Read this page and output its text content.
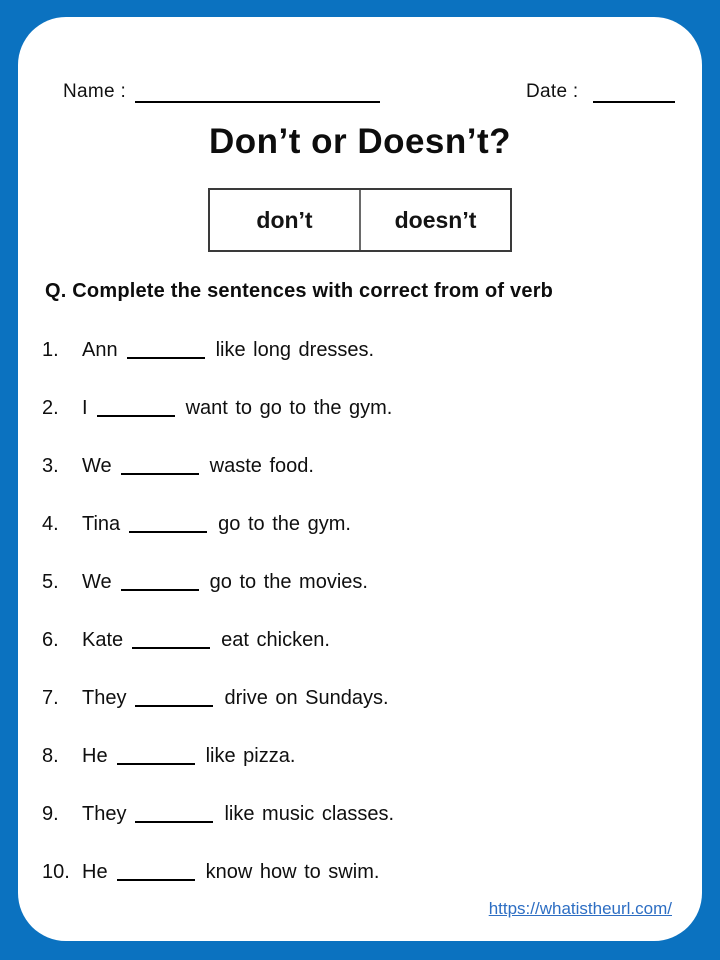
Name :	Date :
Don’t or Doesn’t?
don’t	doesn’t
Q. Complete the sentences with correct from of verb
1.	Ann	like long dresses.
2.	I	want to go to the gym.
3.	We	waste food.
4.	Tina	go to the gym.
5.	We	go to the movies.
6.	Kate	eat chicken.
7.	They	drive on Sundays.
8.	He	like pizza.
9.	They	like music classes.
10. He	know how to swim.
https://whatistheurl.com/
